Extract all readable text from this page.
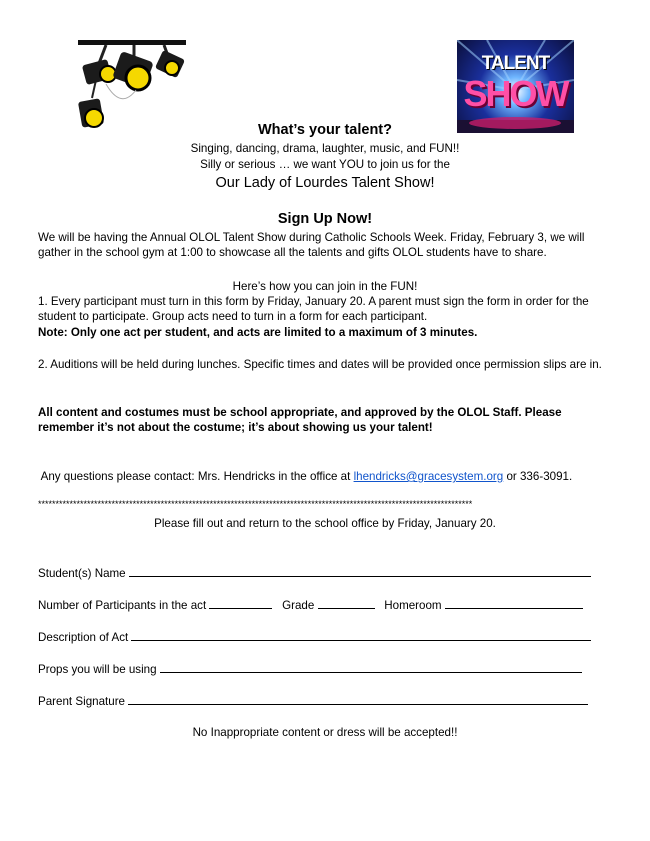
TALENT
SHOW
What’s your talent?
Singing, dancing, drama, laughter, music, and FUN!!
Silly or serious … we want YOU to join us for the
Our Lady of Lourdes Talent Show!
Sign Up Now!
We will be having the Annual OLOL Talent Show during Catholic Schools Week. Friday, February 3, we will gather in the school gym at 1:00 to showcase all the talents and gifts OLOL students have to share.
Here’s how you can join in the FUN!
1. Every participant must turn in this form by Friday, January 20. A parent must sign the form in order for the student to participate. Group acts need to turn in a form for each participant.
Note: Only one act per student, and acts are limited to a maximum of 3 minutes.
2. Auditions will be held during lunches. Specific times and dates will be provided once permission slips are in.
All content and costumes must be school appropriate, and approved by the OLOL Staff. Please remember it’s not about the costume; it’s about showing us your talent!
Any questions please contact: Mrs. Hendricks in the office at lhendricks@gracesystem.org or 336-3091.
****************************************************************************************************************************
Please fill out and return to the school office by Friday, January 20.
Student(s) Name
Number of Participants in the act	Grade	Homeroom
Description of Act
Props you will be using
Parent Signature
No Inappropriate content or dress will be accepted!!
